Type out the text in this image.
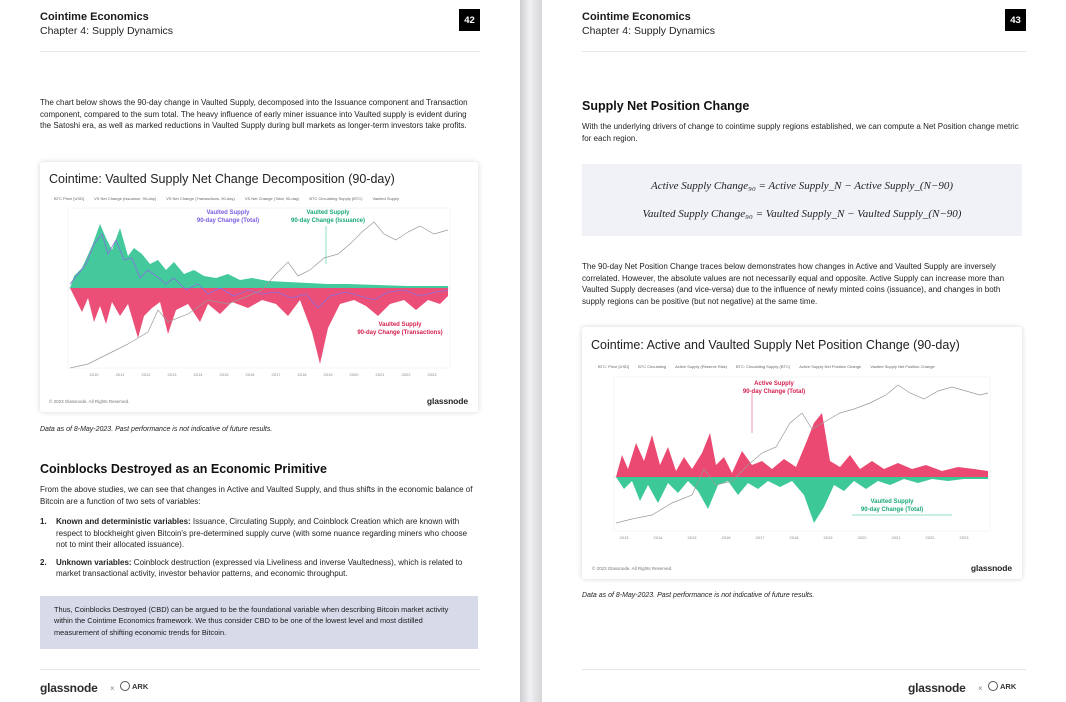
Cointime Economics
Chapter 4: Supply Dynamics
42

The chart below shows the 90-day change in Vaulted Supply, decomposed into the Issuance component and Transaction component, compared to the sum total. The heavy influence of early miner issuance into Vaulted supply is evident during the Satoshi era, as well as marked reductions in Vaulted Supply during bull markets as longer-term investors take profits.

Cointime: Vaulted Supply Net Change Decomposition (90-day)
BTC Price [USD]	VS Net Change (Issuance, 90-day)	VS Net Change (Transactions, 90-day)	VS Net Change (Total, 90-day)	BTC Circulating Supply (BTC)	Vaulted Supply
Vaulted Supply
90-day Change (Total)
Vaulted Supply
90-day Change (Issuance)
Vaulted Supply
90-day Change (Transactions)
2010	2011	2012	2013	2014	2015	2016	2017	2018	2019	2020	2021	2022	2023
© 2023 Glassnode. All Rights Reserved.	glassnode
Data as of 8-May-2023. Past performance is not indicative of future results.
Coinblocks Destroyed as an Economic Primitive

From the above studies, we can see that changes in Active and Vaulted Supply, and thus shifts in the economic balance of Bitcoin are a function of two sets of variables:

1.	Known and deterministic variables: Issuance, Circulating Supply, and Coinblock Creation which are known with respect to blockheight given Bitcoin's pre-determined supply curve (with some nuance regarding miners who choose not to mint their allocated issuance).
2.	Unknown variables: Coinblock destruction (expressed via Liveliness and inverse Vaultedness), which is related to market transactional activity, investor behavior patterns, and economic throughput.
Thus, Coinblocks Destroyed (CBD) can be argued to be the foundational variable when describing Bitcoin market activity within the Cointime Economics framework. We thus consider CBD to be one of the lowest level and most distilled measurement of shifting economic trends for Bitcoin.
glassnode × ARK
Cointime Economics
Chapter 4: Supply Dynamics
43
Supply Net Position Change

With the underlying drivers of change to cointime supply regions established, we can compute a Net Position change metric for each region.

Active Supply Change₉₀ = Active Supply_N − Active Supply_(N−90)
Vaulted Supply Change₉₀ = Vaulted Supply_N − Vaulted Supply_(N−90)

The 90-day Net Position Change traces below demonstrates how changes in Active and Vaulted Supply are inversely correlated. However, the absolute values are not necessarily equal and opposite. Active Supply can increase more than Vaulted Supply decreases (and vice-versa) due to the influence of newly minted coins (issuance), and changes in both supply regions can be positive (but not negative) at the same time.

Cointime: Active and Vaulted Supply Net Position Change (90-day)
BTC: Price [USD] BTC Circulating Active Supply (Reserve Risk) BTC: Circulating Supply (BTC) Active Supply Net Position Change Vaulted Supply Net Position Change
Active Supply
90-day Change (Total)
Vaulted Supply
90-day Change (Total)
2013	2014	2015	2016	2017	2018	2019	2020	2021	2022	2023
© 2023 Glassnode. All Rights Reserved.	glassnode
Data as of 8-May-2023. Past performance is not indicative of future results.
glassnode × ARK
